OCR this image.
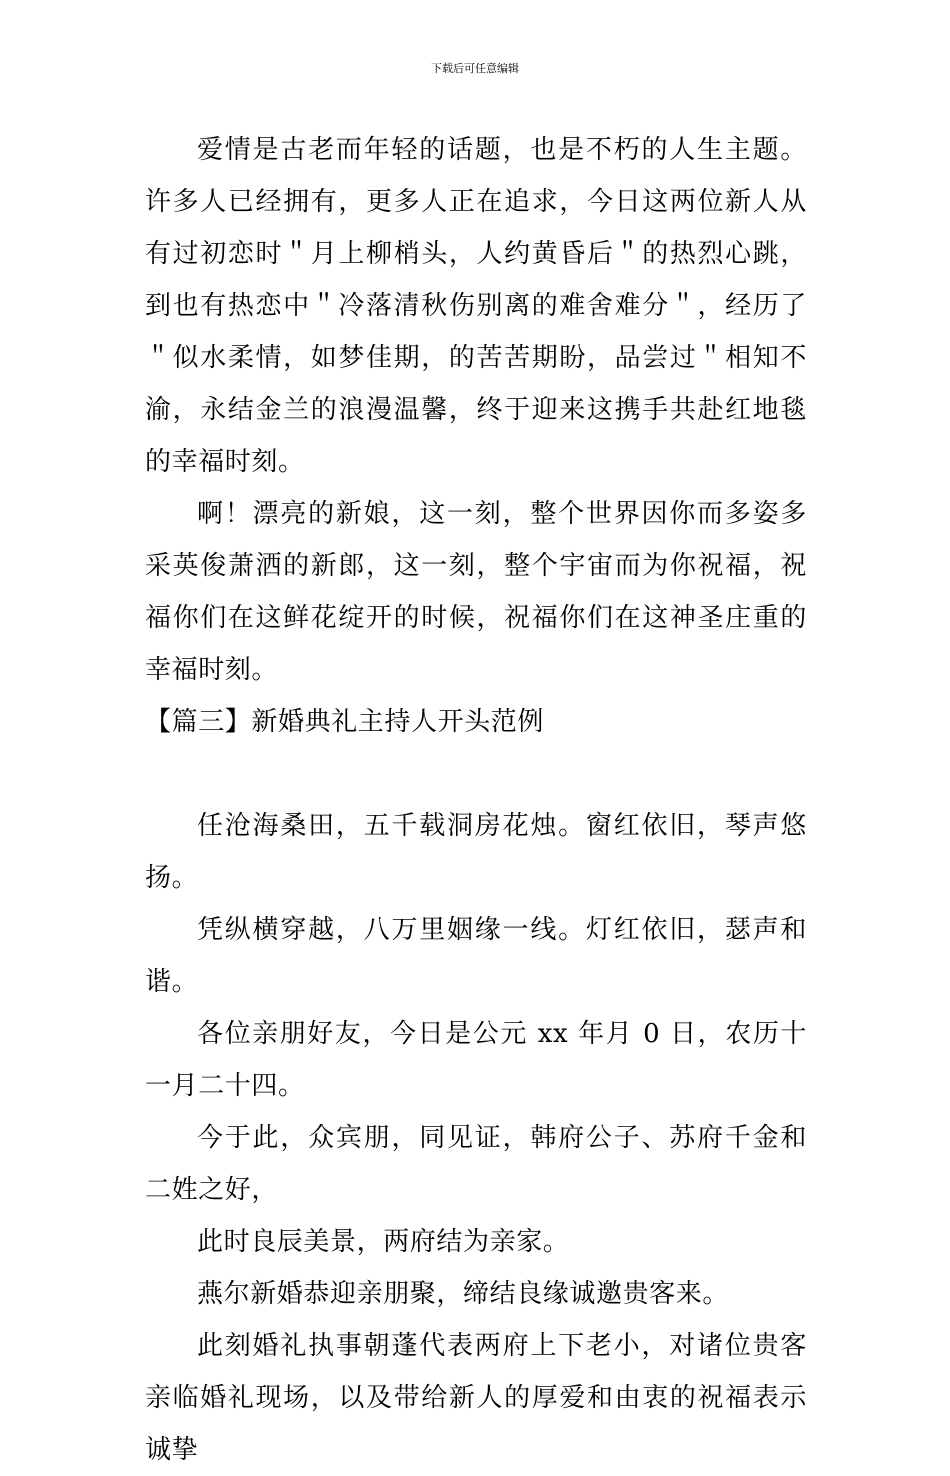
下载后可任意编辑

爱情是古老而年轻的话题，也是不朽的人生主题。许多人已经拥有，更多人正在追求，今日这两位新人从有过初恋时＂月上柳梢头，人约黄昏后＂的热烈心跳，到也有热恋中＂冷落清秋伤别离的难舍难分＂，经历了＂似水柔情，如梦佳期，的苦苦期盼，品尝过＂相知不渝，永结金兰的浪漫温馨，终于迎来这携手共赴红地毯的幸福时刻。

啊！漂亮的新娘，这一刻，整个世界因你而多姿多采英俊萧洒的新郎，这一刻，整个宇宙而为你祝福，祝福你们在这鲜花绽开的时候，祝福你们在这神圣庄重的幸福时刻。

【篇三】新婚典礼主持人开头范例

任沧海桑田，五千载洞房花烛。窗红依旧，琴声悠扬。

凭纵横穿越，八万里姻缘一线。灯红依旧，瑟声和谐。

各位亲朋好友，今日是公元 xx 年月 0 日，农历十一月二十四。

今于此，众宾朋，同见证，韩府公子、苏府千金和二姓之好，

此时良辰美景，两府结为亲家。

燕尔新婚恭迎亲朋聚，缔结良缘诚邀贵客来。

此刻婚礼执事朝蓬代表两府上下老小，对诸位贵客亲临婚礼现场，以及带给新人的厚爱和由衷的祝福表示诚挚
